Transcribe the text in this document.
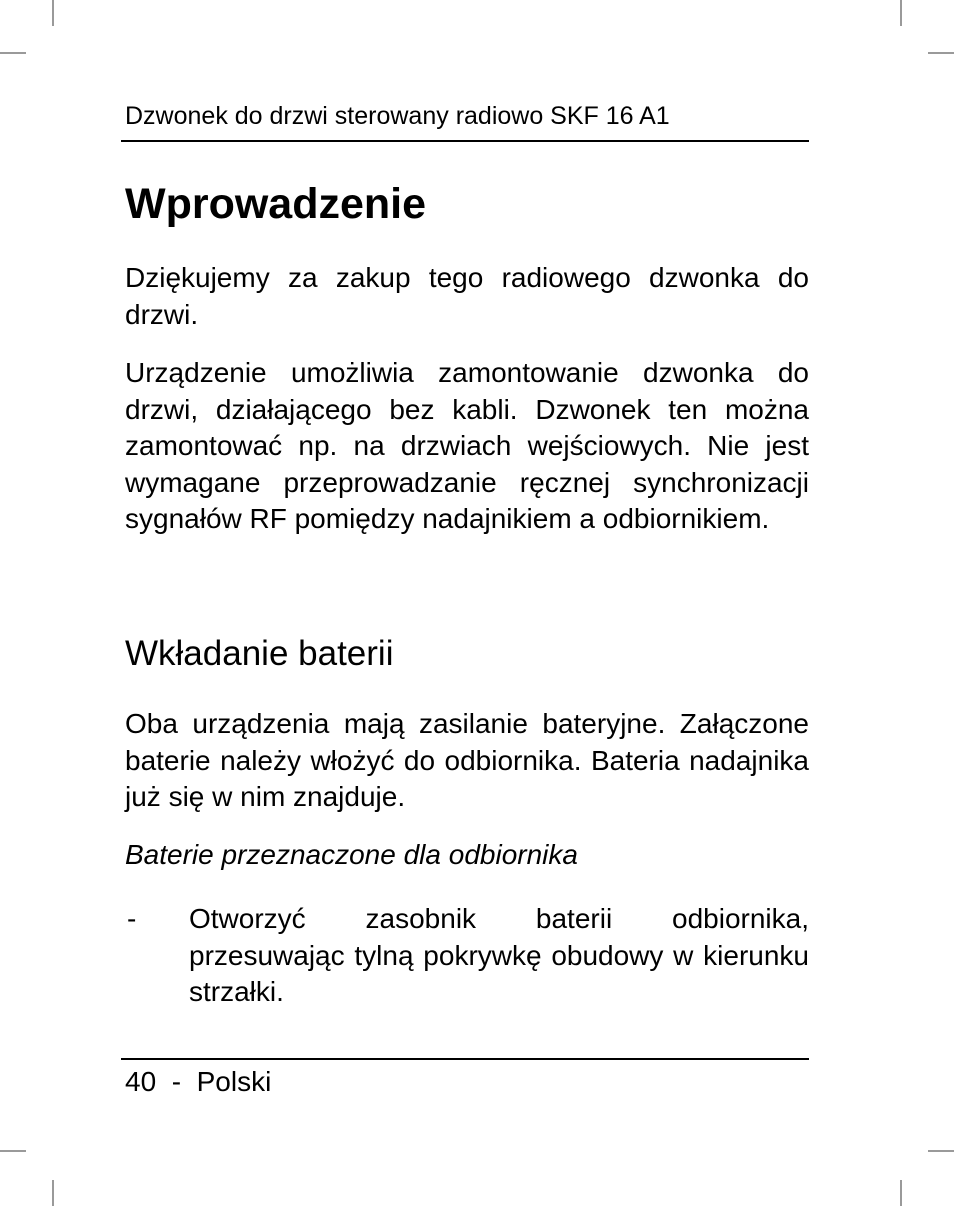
Dzwonek do drzwi sterowany radiowo SKF 16 A1
Wprowadzenie

Dziękujemy za zakup tego radiowego dzwonka do drzwi.

Urządzenie umożliwia zamontowanie dzwonka do drzwi, działającego bez kabli. Dzwonek ten można zamontować np. na drzwiach wejściowych. Nie jest wymagane przeprowadzanie ręcznej synchronizacji sygnałów RF pomiędzy nadajnikiem a odbiornikiem.

Wkładanie baterii

Oba urządzenia mają zasilanie bateryjne. Załączone baterie należy włożyć do odbiornika. Bateria nadajnika już się w nim znajduje.

Baterie przeznaczone dla odbiornika
- Otworzyć zasobnik baterii odbiornika, przesuwając tylną pokrywkę obudowy w kierunku strzałki.
40 - Polski
